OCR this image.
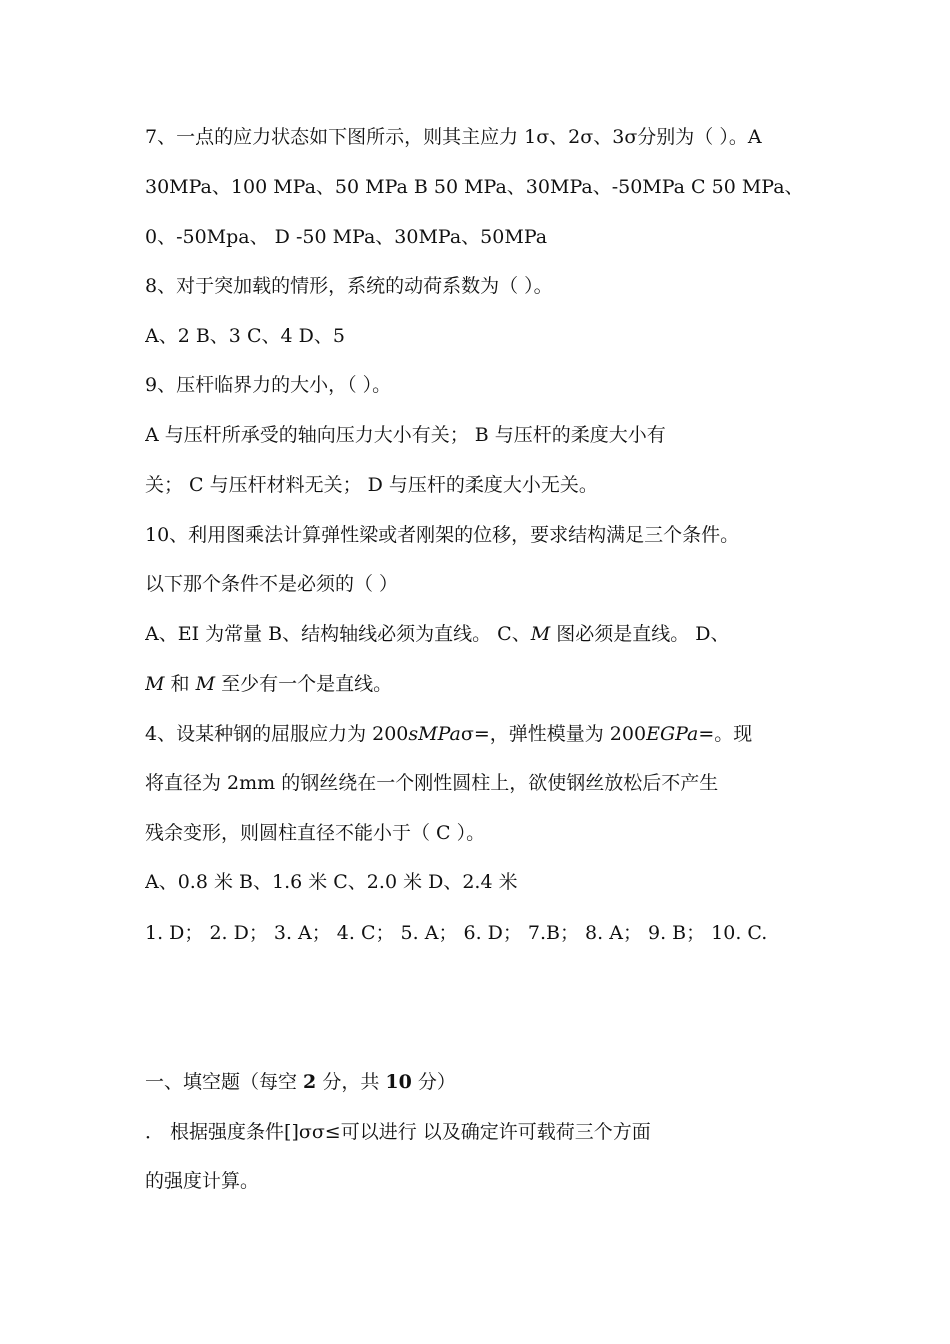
7、一点的应力状态如下图所示，则其主应力 1σ、2σ、3σ分别为（ ）。A
30MPa、100 MPa、50 MPa B 50 MPa、30MPa、-50MPa C 50 MPa、
0、-50Mpa、 D -50 MPa、30MPa、50MPa
8、对于突加载的情形，系统的动荷系数为（ ）。
A、2 B、3 C、4 D、5
9、压杆临界力的大小，（ ）。
A 与压杆所承受的轴向压力大小有关； B 与压杆的柔度大小有
关； C 与压杆材料无关； D 与压杆的柔度大小无关。
10、利用图乘法计算弹性梁或者刚架的位移，要求结构满足三个条件。
以下那个条件不是必须的（ ）
A、EI 为常量 B、结构轴线必须为直线。 C、M 图必须是直线。 D、
M 和 M 至少有一个是直线。
4、设某种钢的屈服应力为 200sMPaσ=，弹性模量为 200EGPa=。现
将直径为 2mm 的钢丝绕在一个刚性圆柱上，欲使钢丝放松后不产生
残余变形，则圆柱直径不能小于（ C ）。
A、0.8 米 B、1.6 米 C、2.0 米 D、2.4 米
1. D； 2. D； 3. A； 4. C； 5. A； 6. D； 7.B； 8. A； 9. B； 10. C.
一、填空题（每空 2 分，共 10 分）
． 根据强度条件[]σσ≤可以进行 以及确定许可载荷三个方面
的强度计算。
